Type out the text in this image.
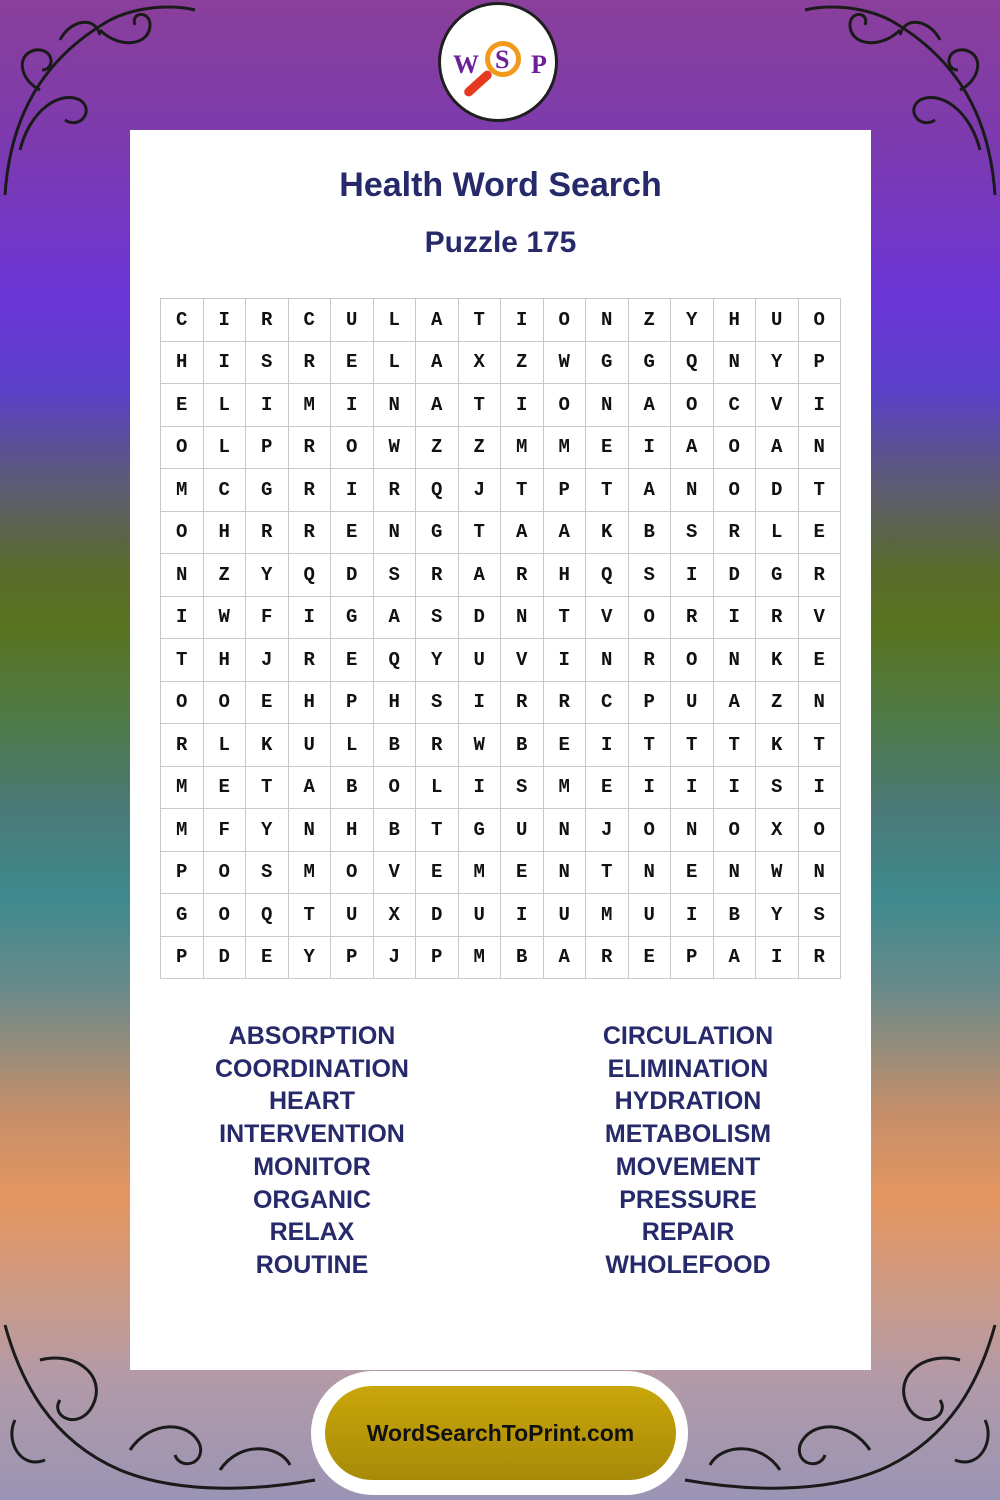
W S P
Health Word Search
Puzzle 175
C	I	R	C	U	L	A	T	I	O	N	Z	Y	H	U	O
H	I	S	R	E	L	A	X	Z	W	G	G	Q	N	Y	P
E	L	I	M	I	N	A	T	I	O	N	A	O	C	V	I
O	L	P	R	O	W	Z	Z	M	M	E	I	A	O	A	N
M	C	G	R	I	R	Q	J	T	P	T	A	N	O	D	T
O	H	R	R	E	N	G	T	A	A	K	B	S	R	L	E
N	Z	Y	Q	D	S	R	A	R	H	Q	S	I	D	G	R
I	W	F	I	G	A	S	D	N	T	V	O	R	I	R	V
T	H	J	R	E	Q	Y	U	V	I	N	R	O	N	K	E
O	O	E	H	P	H	S	I	R	R	C	P	U	A	Z	N
R	L	K	U	L	B	R	W	B	E	I	T	T	T	K	T
M	E	T	A	B	O	L	I	S	M	E	I	I	I	S	I
M	F	Y	N	H	B	T	G	U	N	J	O	N	O	X	O
P	O	S	M	O	V	E	M	E	N	T	N	E	N	W	N
G	O	Q	T	U	X	D	U	I	U	M	U	I	B	Y	S
P	D	E	Y	P	J	P	M	B	A	R	E	P	A	I	R
ABSORPTION
COORDINATION
HEART
INTERVENTION
MONITOR
ORGANIC
RELAX
ROUTINE
CIRCULATION
ELIMINATION
HYDRATION
METABOLISM
MOVEMENT
PRESSURE
REPAIR
WHOLEFOOD
WordSearchToPrint.com
